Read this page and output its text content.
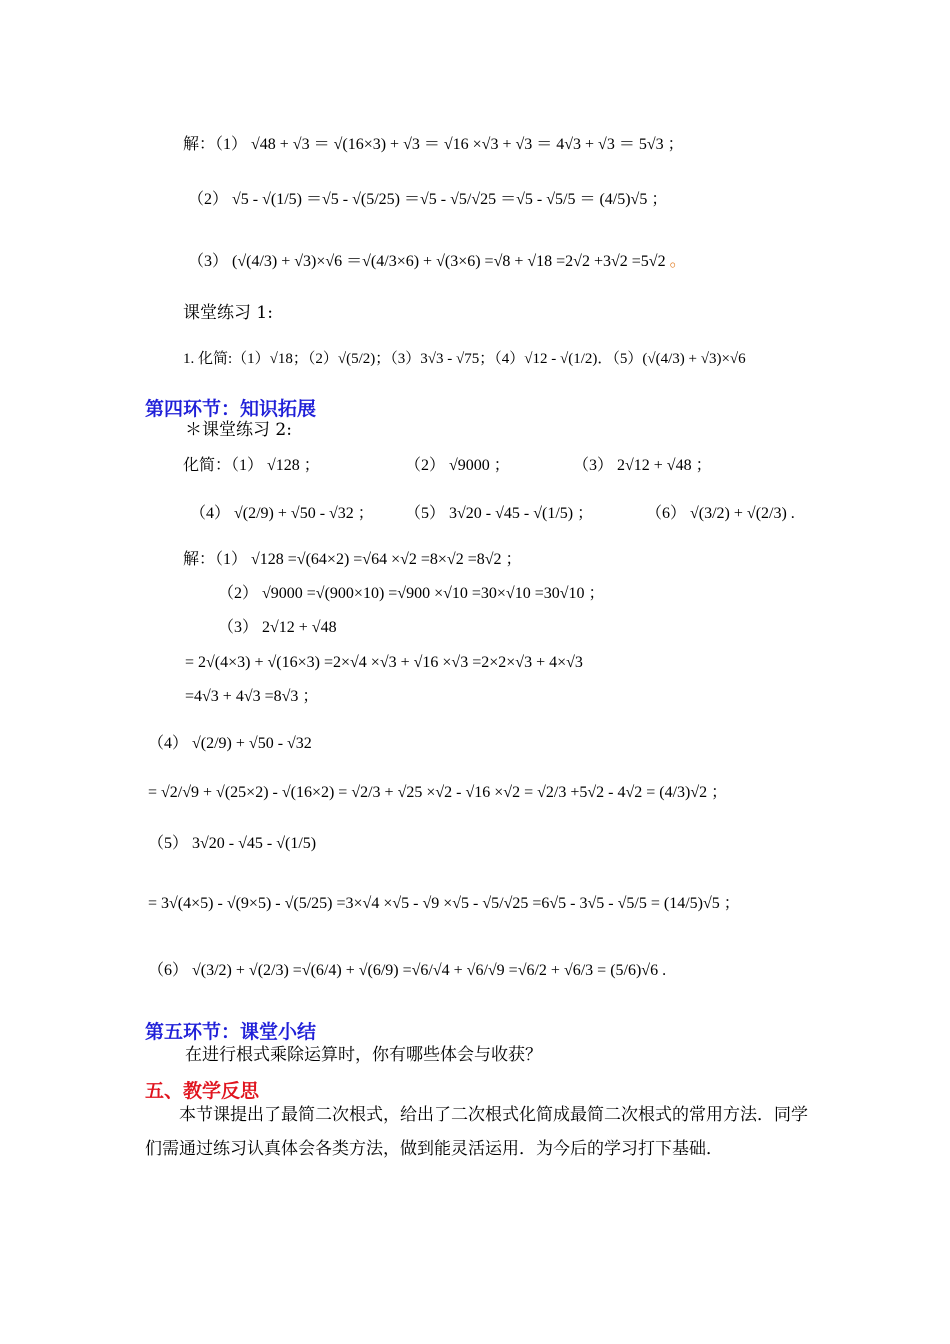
解：（1） √48 + √3 ＝ √(16×3) + √3 ＝ √16 ×√3 + √3 ＝ 4√3 + √3 ＝ 5√3 ；
（2） √5 - √(1/5) ＝√5 - √(5/25) ＝√5 - √5/√25 ＝√5 - √5/5 ＝ (4/5)√5 ；
（3） (√(4/3) + √3)×√6 ＝√(4/3×6) + √(3×6) =√8 + √18 =2√2 +3√2 =5√2 。
课堂练习 1:
1. 化简:（1）√18；（2）√(5/2)；（3）3√3 - √75；（4）√12 - √(1/2)．（5）(√(4/3) + √3)×√6
第四环节：知识拓展
＊课堂练习 2:
化简：（1） √128 ；	（2） √9000 ；	（3） 2√12 + √48 ；
（4） √(2/9) + √50 - √32 ； （5） 3√20 - √45 - √(1/5) ；	（6） √(3/2) + √(2/3) .
解：（1） √128 =√(64×2) =√64 ×√2 =8×√2 =8√2 ；
（2） √9000 =√(900×10) =√900 ×√10 =30×√10 =30√10 ；
（3） 2√12 + √48
= 2√(4×3) + √(16×3) =2×√4 ×√3 + √16 ×√3 =2×2×√3 + 4×√3
=4√3 + 4√3 =8√3 ；
（4） √(2/9) + √50 - √32
= √2/√9 + √(25×2) - √(16×2) = √2/3 + √25 ×√2 - √16 ×√2 = √2/3 +5√2 - 4√2 = (4/3)√2 ；
（5） 3√20 - √45 - √(1/5)
= 3√(4×5) - √(9×5) - √(5/25) =3×√4 ×√5 - √9 ×√5 - √5/√25 =6√5 - 3√5 - √5/5 = (14/5)√5 ；
（6） √(3/2) + √(2/3) =√(6/4) + √(6/9) =√6/√4 + √6/√9 =√6/2 + √6/3 = (5/6)√6 .
第五环节：课堂小结
在进行根式乘除运算时，你有哪些体会与收获？
五、教学反思
本节课提出了最简二次根式，给出了二次根式化简成最简二次根式的常用方法．同学们需通过练习认真体会各类方法，做到能灵活运用．为今后的学习打下基础．
